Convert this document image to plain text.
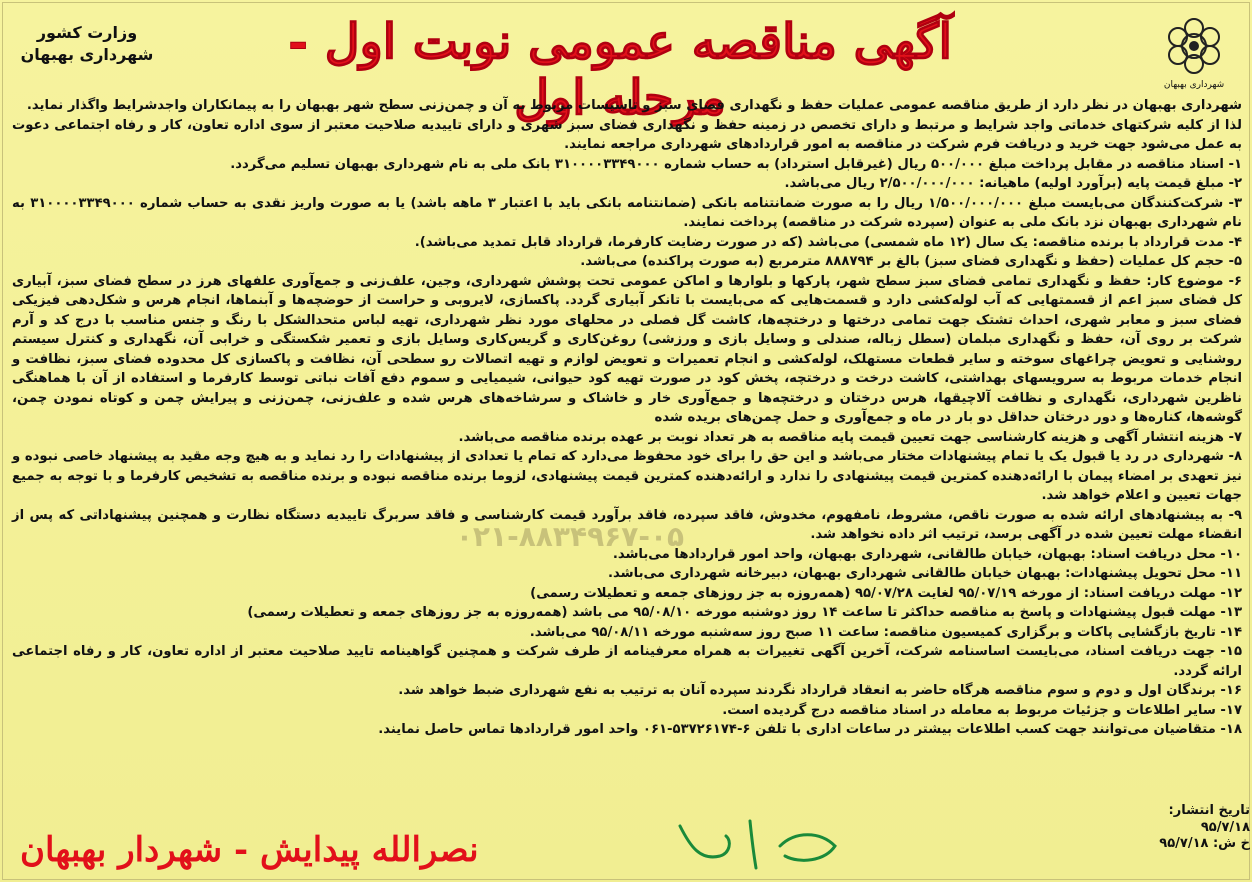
شهرداری بهبهان
وزارت کشور
شهرداری بهبهان	آگهی مناقصه عمومی نوبت اول - مرحله اول

شهرداری بهبهان در نظر دارد از طریق مناقصه عمومی عملیات حفظ و نگهداری فضای سبز و تاسیسات مربوط به آن و چمن‌زنی سطح شهر بهبهان را به پیمانکاران واجدشرایط واگذار نماید.

لذا از کلیه شرکتهای خدماتی واجد شرایط و مرتبط و دارای تخصص در زمینه حفظ و نگهداری فضای سبز شهری و دارای تاییدیه صلاحیت معتبر از سوی اداره تعاون، کار و رفاه اجتماعی دعوت به عمل می‌شود جهت خرید و دریافت فرم شرکت در مناقصه به امور قراردادهای شهرداری مراجعه نمایند.

۱- اسناد مناقصه در مقابل پرداخت مبلغ ۵۰۰/۰۰۰ ریال (غیرقابل استرداد) به حساب شماره ۳۱۰۰۰۰۳۳۴۹۰۰۰ بانک ملی به نام شهرداری بهبهان تسلیم می‌گردد.

۲- مبلغ قیمت پایه (برآورد اولیه) ماهیانه: ۲/۵۰۰/۰۰۰/۰۰۰ ریال می‌باشد.

۳- شرکت‌کنندگان می‌بایست مبلغ ۱/۵۰۰/۰۰۰/۰۰۰ ریال را به صورت ضمانتنامه بانکی (ضمانتنامه بانکی باید با اعتبار ۳ ماهه باشد) یا به صورت واریز نقدی به حساب شماره ۳۱۰۰۰۰۳۳۴۹۰۰۰ به نام شهرداری بهبهان نزد بانک ملی به عنوان (سپرده شرکت در مناقصه) پرداخت نمایند.

۴- مدت قرارداد با برنده مناقصه: یک سال (۱۲ ماه شمسی) می‌باشد (که در صورت رضایت کارفرما، قرارداد قابل تمدید می‌باشد).

۵- حجم کل عملیات (حفظ و نگهداری فضای سبز) بالغ بر ۸۸۸۷۹۴ مترمربع (به صورت پراکنده) می‌باشد.

۶- موضوع کار: حفظ و نگهداری تمامی فضای سبز سطح شهر، پارکها و بلوارها و اماکن عمومی تحت پوشش شهرداری، وجین، علف‌زنی و جمع‌آوری علفهای هرز در سطح فضای سبز، آبیاری کل فضای سبز اعم از قسمتهایی که آب لوله‌کشی دارد و قسمت‌هایی که می‌بایست با تانکر آبیاری گردد. پاکسازی، لایروبی و حراست از حوضچه‌ها و آبنماها، انجام هرس و شکل‌دهی فیزیکی فضای سبز و معابر شهری، احداث تشتک جهت تمامی درختها و درختچه‌ها، کاشت گل فصلی در محلهای مورد نظر شهرداری، تهیه لباس متحدالشکل با رنگ و جنس مناسب با درج کد و آرم شرکت بر روی آن، حفظ و نگهداری مبلمان (سطل زباله، صندلی و وسایل بازی و ورزشی) روغن‌کاری و گریس‌کاری وسایل بازی و تعمیر شکستگی و خرابی آن، نگهداری و کنترل سیستم روشنایی و تعویض چراغهای سوخته و سایر قطعات مستهلک، لوله‌کشی و انجام تعمیرات و تعویض لوازم و تهیه اتصالات رو سطحی آن، نظافت و پاکسازی کل محدوده فضای سبز، نظافت و انجام خدمات مربوط به سرویسهای بهداشتی، کاشت درخت و درختچه، پخش کود در صورت تهیه کود حیوانی، شیمیایی و سموم دفع آفات نباتی توسط کارفرما و استفاده از آن با هماهنگی ناظرین شهرداری، نگهداری و نظافت آلاچیقها، هرس درختان و درختچه‌ها و جمع‌آوری خار و خاشاک و سرشاخه‌های هرس شده و علف‌زنی، چمن‌زنی و پیرایش چمن و کوتاه نمودن چمن، گوشه‌ها، کناره‌ها و دور درختان حداقل دو بار در ماه و جمع‌آوری و حمل چمن‌های بریده شده

۷- هزینه انتشار آگهی و هزینه کارشناسی جهت تعیین قیمت پایه مناقصه به هر تعداد نوبت بر عهده برنده مناقصه می‌باشد.

۸- شهرداری در رد یا قبول یک یا تمام پیشنهادات مختار می‌باشد و این حق را برای خود محفوظ می‌دارد که تمام یا تعدادی از پیشنهادات را رد نماید و به هیچ وجه مقید به پیشنهاد خاصی نبوده و نیز تعهدی بر امضاء پیمان با ارائه‌دهنده کمترین قیمت پیشنهادی را ندارد و ارائه‌دهنده کمترین قیمت پیشنهادی، لزوما برنده مناقصه نبوده و برنده مناقصه به تشخیص کارفرما و با توجه به جمیع جهات تعیین و اعلام خواهد شد.

۹- به پیشنهادهای ارائه شده به صورت ناقص، مشروط، نامفهوم، مخدوش، فاقد سپرده، فاقد برآورد قیمت کارشناسی و فاقد سربرگ تاییدیه دستگاه نظارت و همچنین پیشنهاداتی که پس از انقضاء مهلت تعیین شده در آگهی برسد، ترتیب اثر داده نخواهد شد.

۱۰- محل دریافت اسناد: بهبهان، خیابان طالقانی، شهرداری بهبهان، واحد امور قراردادها می‌باشد.

۱۱- محل تحویل پیشنهادات: بهبهان خیابان طالقانی شهرداری بهبهان، دبیرخانه شهرداری می‌باشد.

۱۲- مهلت دریافت اسناد: از مورخه ۹۵/۰۷/۱۹ لغایت ۹۵/۰۷/۲۸ (همه‌روزه به جز روزهای جمعه و تعطیلات رسمی)

۱۳- مهلت قبول پیشنهادات و پاسخ به مناقصه حداکثر تا ساعت ۱۴ روز دوشنبه مورخه ۹۵/۰۸/۱۰ می باشد (همه‌روزه به جز روزهای جمعه و تعطیلات رسمی)

۱۴- تاریخ بازگشایی پاکات و برگزاری کمیسیون مناقصه: ساعت ۱۱ صبح روز سه‌شنبه مورخه ۹۵/۰۸/۱۱ می‌باشد.

۱۵- جهت دریافت اسناد، می‌بایست اساسنامه شرکت، آخرین آگهی تغییرات به همراه معرفینامه از طرف شرکت و همچنین گواهینامه تایید صلاحیت معتبر از اداره تعاون، کار و رفاه اجتماعی ارائه گردد.

۱۶- برندگان اول و دوم و سوم مناقصه هرگاه حاضر به انعقاد قرارداد نگردند سپرده آنان به ترتیب به نفع شهرداری ضبط خواهد شد.

۱۷- سایر اطلاعات و جزئیات مربوط به معامله در اسناد مناقصه درج گردیده است.

۱۸- متقاضیان می‌توانند جهت کسب اطلاعات بیشتر در ساعات اداری با تلفن ۶-۵۳۷۲۶۱۷۴-۰۶۱ واحد امور قراردادها تماس حاصل نمایند.

۰۲۱-۸۸۳۴۹۶۷-۰۵
تاریخ انتشار:
۹۵/۷/۱۸
خ ش: ۹۵/۷/۱۸
نصرالله پیدایش - شهردار بهبهان
